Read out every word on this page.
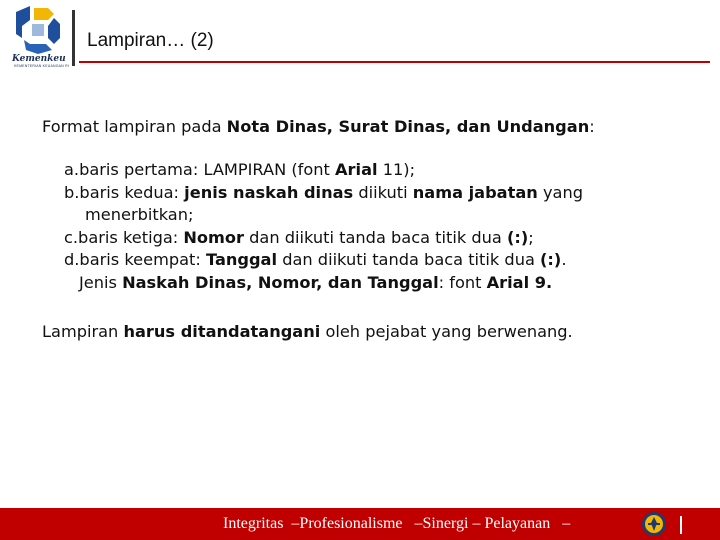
Kemenkeu
KEMENTERIAN KEUANGAN RI
Lampiran… (2)

Format lampiran pada Nota Dinas, Surat Dinas, dan Undangan:

a.baris pertama: LAMPIRAN (font Arial 11);
b.baris kedua: jenis naskah dinas diikuti nama jabatan yang
menerbitkan;
c.baris ketiga: Nomor dan diikuti tanda baca titik dua (:);
d.baris keempat: Tanggal dan diikuti tanda baca titik dua (:).
Jenis Naskah Dinas, Nomor, dan Tanggal: font Arial 9.

Lampiran harus ditandatangani oleh pejabat yang berwenang.

Integritas  –Profesionalisme   –Sinergi – Pelayanan   –
